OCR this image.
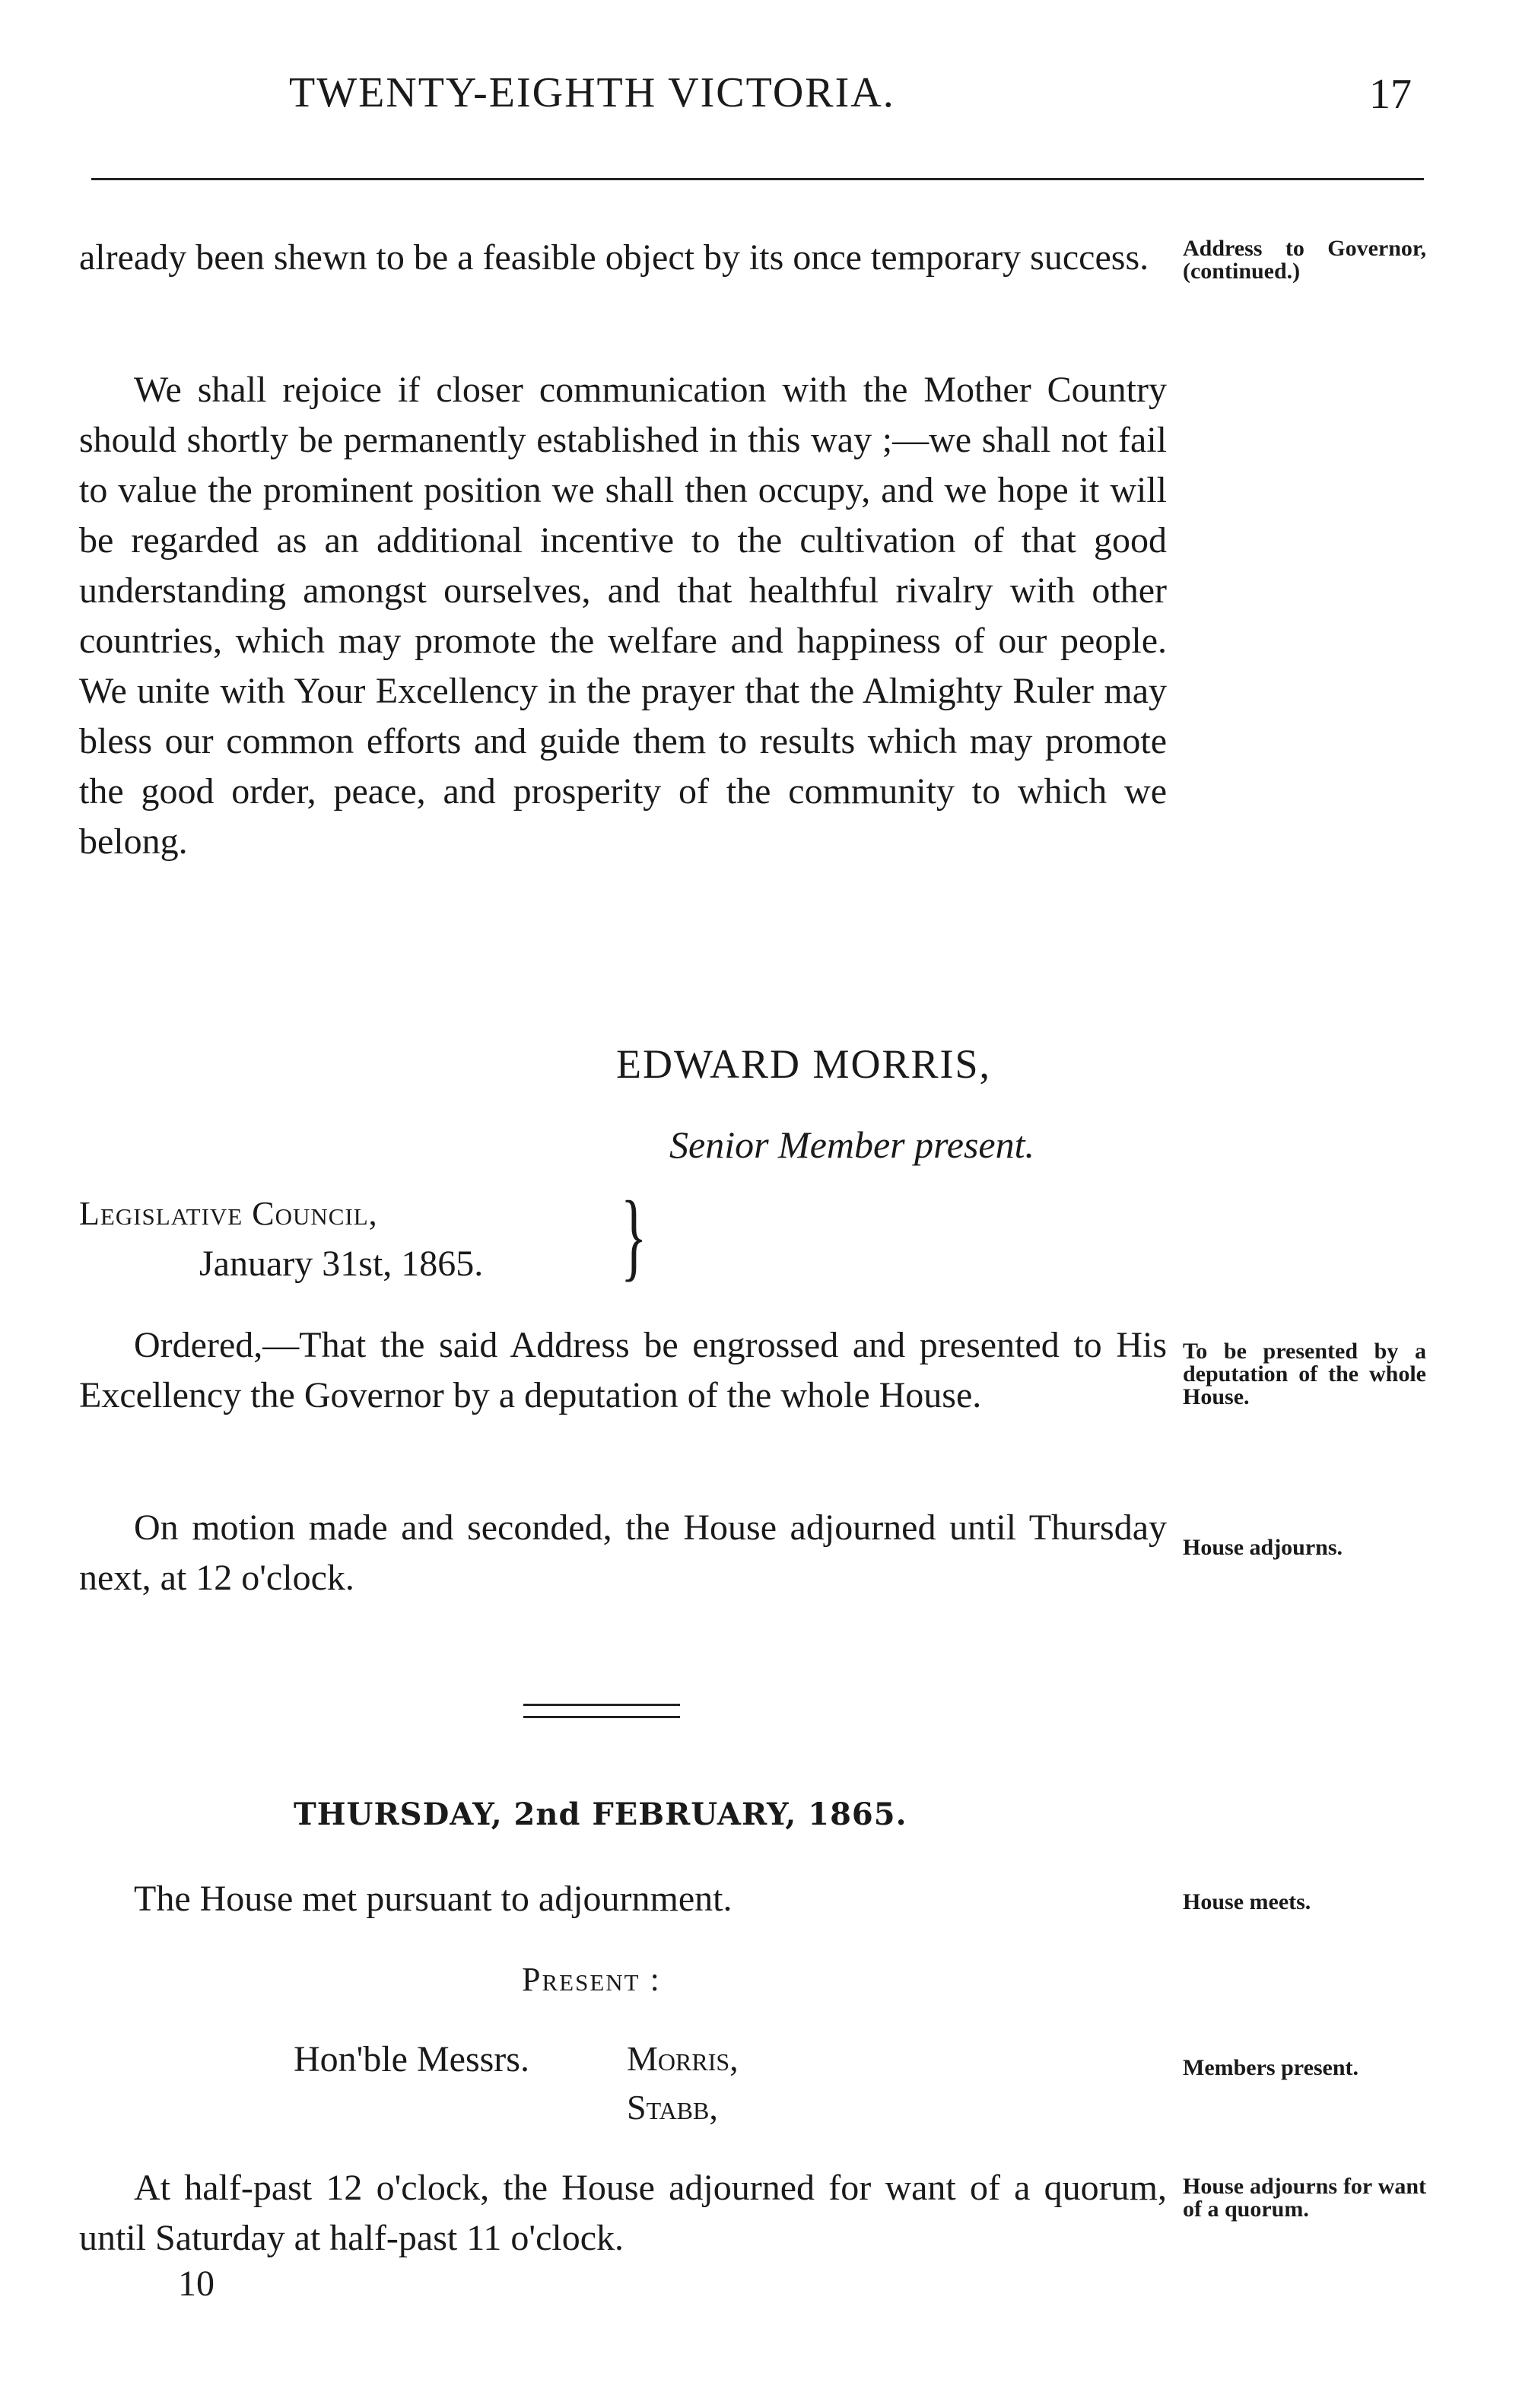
TWENTY-EIGHTH VICTORIA.	17
already been shewn to be a feasible object by its once temporary success.	Address to Governor, (continued.)
We shall rejoice if closer communication with the Mother Country should shortly be permanently established in this way ;—we shall not fail to value the prominent position we shall then occupy, and we hope it will be regarded as an additional incentive to the cultivation of that good understanding amongst ourselves, and that healthful rivalry with other countries, which may promote the welfare and happiness of our people. We unite with Your Excellency in the prayer that the Almighty Ruler may bless our common efforts and guide them to results which may promote the good order, peace, and prosperity of the community to which we belong.
EDWARD MORRIS,
Senior Member present.
Legislative Council,
January 31st, 1865. }
Ordered,—That the said Address be engrossed and presented to His Excellency the Governor by a deputation of the whole House.
To be presented by a deputation of the whole House.
On motion made and seconded, the House adjourned until Thursday next, at 12 o'clock.
House adjourns.
THURSDAY, 2nd FEBRUARY, 1865.
The House met pursuant to adjournment.	House meets.
Present :
Hon'ble Messrs.	Morris,
Stabb,
Members present.
At half-past 12 o'clock, the House adjourned for want of a quorum, until Saturday at half-past 11 o'clock.
House adjourns for want of a quorum.
10
